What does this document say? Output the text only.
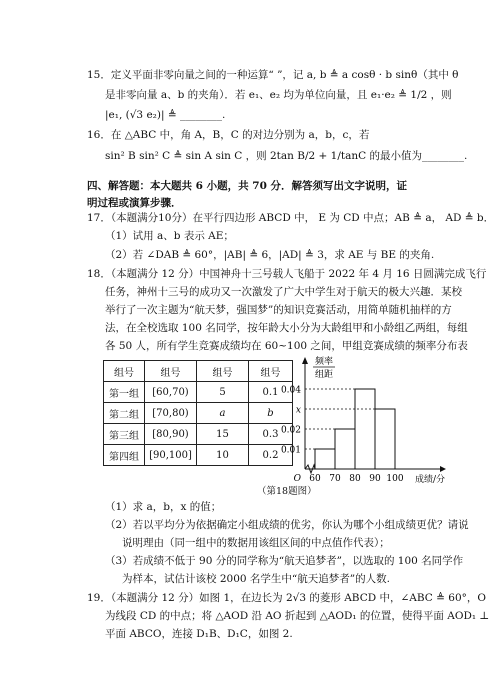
15．定义平面非零向量之间的一种运算“ ”，记 a, b ≜ a cosθ · b sinθ（其中 θ
是非零向量 a、b 的夹角）．若 e₁、e₂ 均为单位向量，且 e₁·e₂ ≜ 1/2 ，则
|e₁, (√3 e₂)| ≜ ________.
16．在 △ABC 中，角 A，B，C 的对边分别为 a，b，c，若
sin² B sin² C ≜ sin A sin C ，则 2tan B/2 + 1/tanC 的最小值为________.
四、解答题：本大题共 6 小题，共 70 分．解答须写出文字说明，证明过程或演算步骤．
17．（本题满分10分）在平行四边形 ABCD 中， E 为 CD 中点；AB ≜ a， AD ≜ b．
（1）试用 a、b 表示 AE；
（2）若 ∠DAB ≜ 60°，|AB| ≜ 6，|AD| ≜ 3，求 AE 与 BE 的夹角.
18．（本题满分 12 分）中国神舟十三号载人飞船于 2022 年 4 月 16 日圆满完成飞行
任务，神州十三号的成功又一次激发了广大中学生对于航天的极大兴趣．某校
举行了一次主题为“航天梦，强国梦”的知识竞赛活动，用简单随机抽样的方
法，在全校选取 100 名同学，按年龄大小分为大龄组甲和小龄组乙两组，每组
各 50 人，所有学生竞赛成绩均在 60~100 之间，甲组竞赛成绩的频率分布表
组号	组号	组号	组号
第一组	[60,70)	5	0.1
第二组	[70,80)	a	b
第三组	[80,90)	15	0.3
第四组	[90,100]	10	0.2
0.04
x
0.02
0.01
60 70 80 90 100
O
频率
组距
成绩/分
（第18题图）
（1）求 a，b，x 的值；
（2）若以平均分为依据确定小组成绩的优劣，你认为哪个小组成绩更优？请说
说明理由（同一组中的数据用该组区间的中点值作代表）；
（3）若成绩不低于 90 分的同学称为“航天追梦者”，以选取的 100 名同学作
为样本，试估计该校 2000 名学生中“航天追梦者”的人数.
19．（本题满分 12 分）如图 1，在边长为 2√3 的菱形 ABCD 中，∠ABC ≜ 60°，O
为线段 CD 的中点；将 △AOD 沿 AO 折起到 △AOD₁ 的位置，使得平面 AOD₁ ⊥
平面 ABCO，连接 D₁B、D₁C，如图 2.
